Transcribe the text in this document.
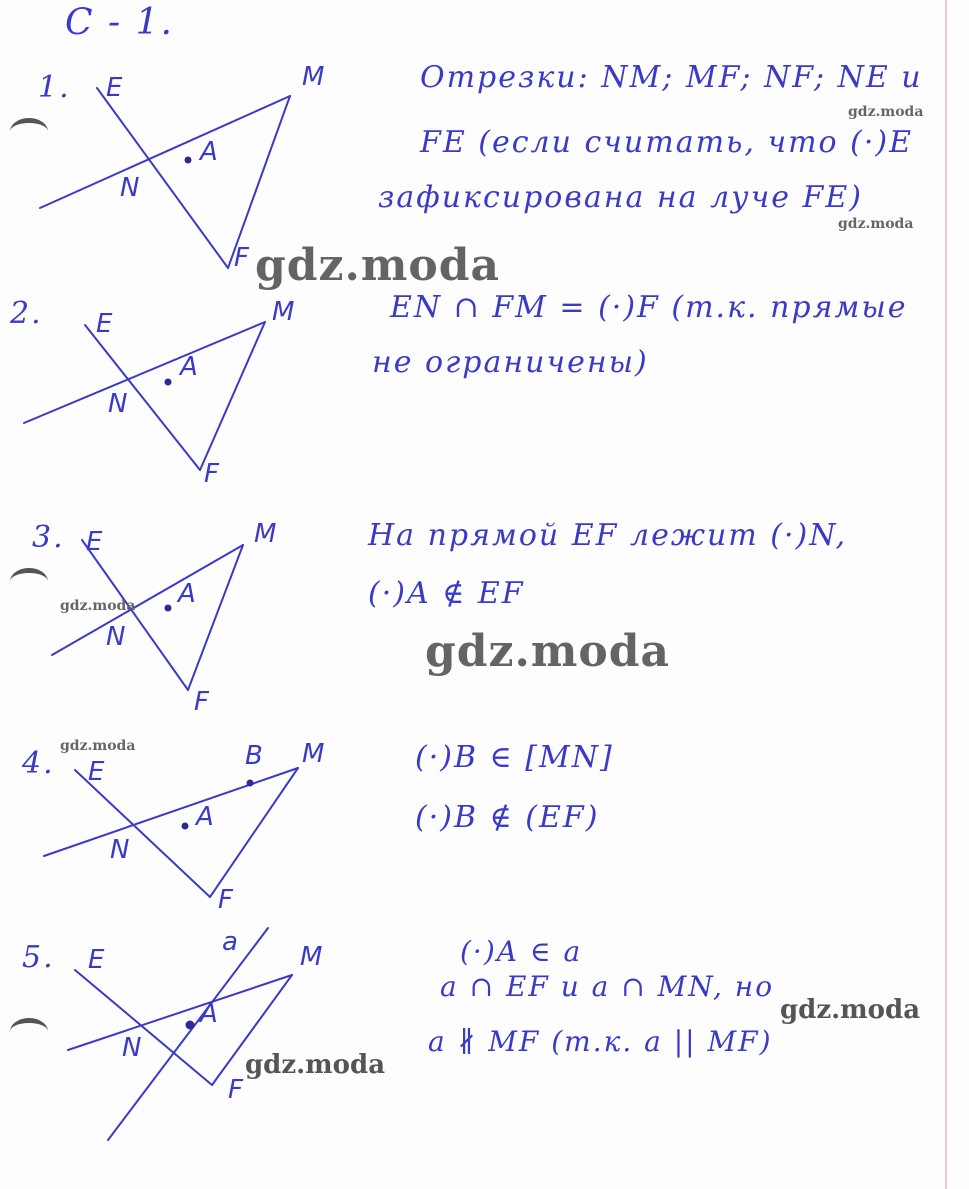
С - 1.
1.
2.
3.
4.
5.
Отрезки: NM; MF; NF; NE и
FE (если считать, что (·)E
зафиксирована на луче FE)
EN ∩ FM = (·)F (т.к. прямые
не ограничены)
На прямой EF лежит (·)N,
(·)A ∉ EF
(·)B ∈ [MN]
(·)B ∉ (EF)
(·)A ∈ a
a ∩ EF и a ∩ MN, но
a ∦ MF (т.к. a || MF)
E	M
N
A
F
E	M
N
A
F
E	M
N
A
F
E
M
B
N
A
F
E	M
a
N
A
F
gdz.moda
gdz.moda
gdz.moda
gdz.moda
gdz.moda
gdz.moda
gdz.moda
gdz.moda
